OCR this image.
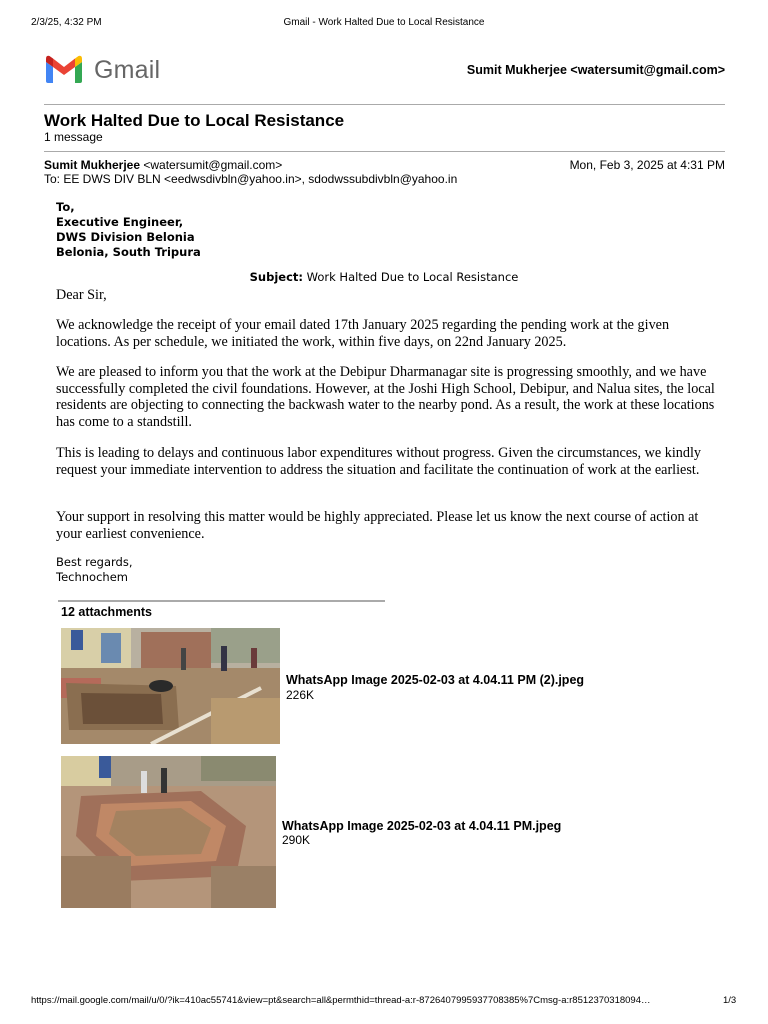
2/3/25, 4:32 PM	Gmail - Work Halted Due to Local Resistance
Gmail	Sumit Mukherjee <watersumit@gmail.com>
Work Halted Due to Local Resistance
1 message
Sumit Mukherjee <watersumit@gmail.com>	Mon, Feb 3, 2025 at 4:31 PM
To: EE DWS DIV BLN <eedwsdivbln@yahoo.in>, sdodwssubdivbln@yahoo.in
To,
Executive Engineer,
DWS Division Belonia
Belonia, South Tripura
Subject: Work Halted Due to Local Resistance
Dear Sir,
We acknowledge the receipt of your email dated 17th January 2025 regarding the pending work at the given locations. As per schedule, we initiated the work, within five days, on 22nd January 2025.
We are pleased to inform you that the work at the Debipur Dharmanagar site is progressing smoothly, and we have successfully completed the civil foundations. However, at the Joshi High School, Debipur, and Nalua sites, the local residents are objecting to connecting the backwash water to the nearby pond. As a result, the work at these locations has come to a standstill.
This is leading to delays and continuous labor expenditures without progress. Given the circumstances, we kindly request your immediate intervention to address the situation and facilitate the continuation of work at the earliest.
Your support in resolving this matter would be highly appreciated. Please let us know the next course of action at your earliest convenience.
Best regards,
Technochem
12 attachments
WhatsApp Image 2025-02-03 at 4.04.11 PM (2).jpeg
226K
WhatsApp Image 2025-02-03 at 4.04.11 PM.jpeg
290K
https://mail.google.com/mail/u/0/?ik=410ac55741&view=pt&search=all&permthid=thread-a:r-8726407995937708385%7Cmsg-a:r8512370318094…	1/3
